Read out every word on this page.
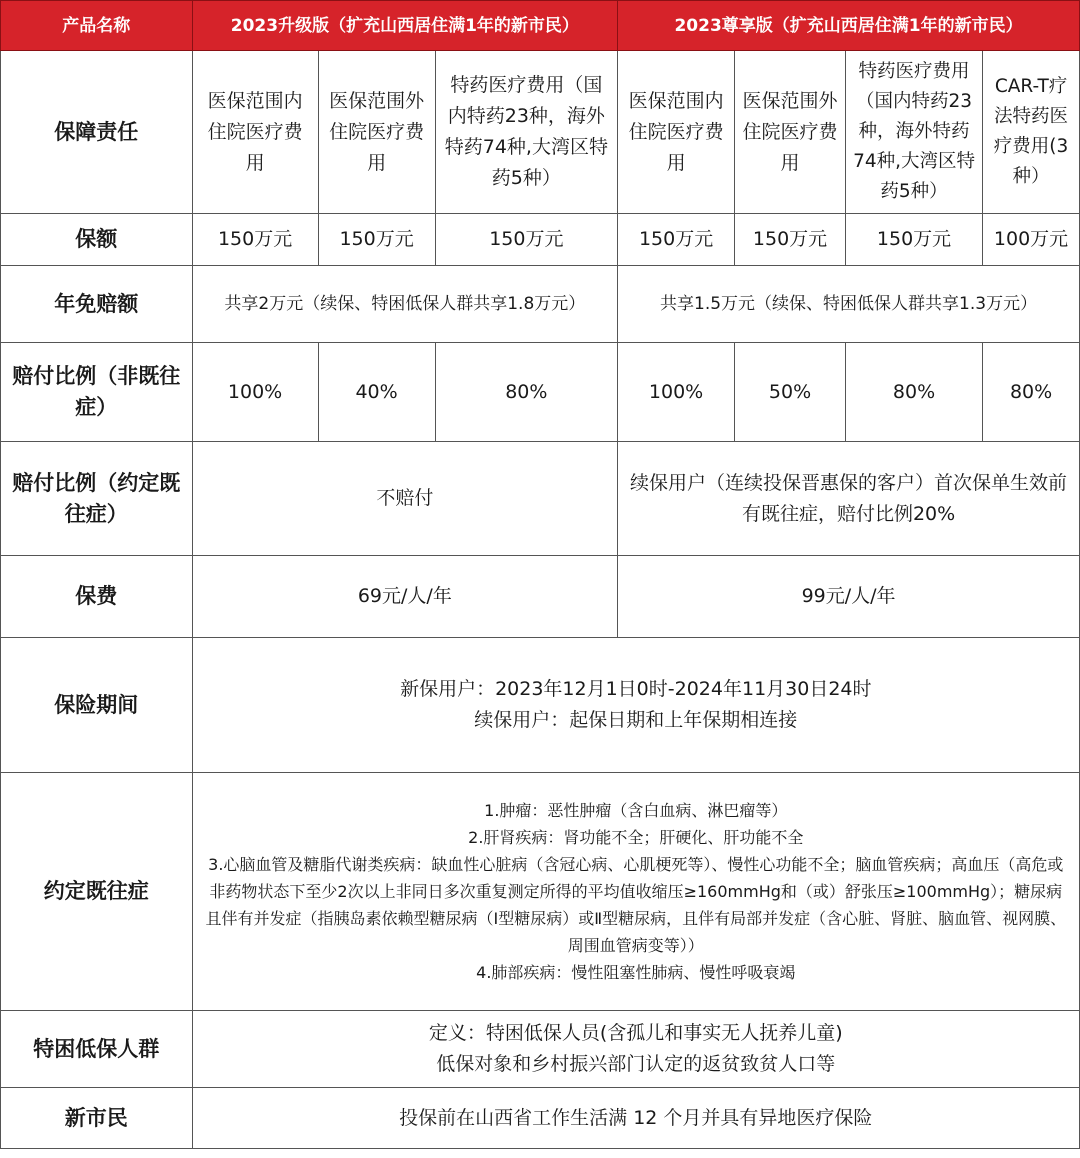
产品名称	2023升级版（扩充山西居住满1年的新市民）			2023尊享版（扩充山西居住满1年的新市民）			
保障责任	医保范围内住院医疗费用	医保范围外住院医疗费用	特药医疗费用（国内特药23种，海外特药74种,大湾区特药5种）	医保范围内住院医疗费用	医保范围外住院医疗费用	特药医疗费用（国内特药23种，海外特药74种,大湾区特药5种）	CAR-T疗法特药医疗费用(3种）
保额	150万元	150万元	150万元	150万元	150万元	150万元	100万元
年免赔额	共享2万元（续保、特困低保人群共享1.8万元）			共享1.5万元（续保、特困低保人群共享1.3万元）			
赔付比例（非既往症）	100%	40%	80%	100%	50%	80%	80%
赔付比例（约定既往症）	不赔付			续保用户（连续投保晋惠保的客户）首次保单生效前有既往症，赔付比例20%			
保费	69元/人/年			99元/人/年			
保险期间	新保用户：2023年12月1日0时-2024年11月30日24时
续保用户：起保日期和上年保期相连接						

约定既往症	1.肿瘤：恶性肿瘤（含白血病、淋巴瘤等）
2.肝肾疾病：肾功能不全；肝硬化、肝功能不全
3.心脑血管及糖脂代谢类疾病：缺血性心脏病（含冠心病、心肌梗死等）、慢性心功能不全；脑血管疾病；高血压（高危或非药物状态下至少2次以上非同日多次重复测定所得的平均值收缩压≥160mmHg和（或）舒张压≥100mmHg）；糖尿病且伴有并发症（指胰岛素依赖型糖尿病（Ⅰ型糖尿病）或Ⅱ型糖尿病，且伴有局部并发症（含心脏、肾脏、脑血管、视网膜、周围血管病变等））
4.肺部疾病：慢性阻塞性肺病、慢性呼吸衰竭						

特困低保人群	定义：特困低保人员(含孤儿和事实无人抚养儿童)低保对象和乡村振兴部门认定的返贫致贫人口等						
新市民	投保前在山西省工作生活满 12 个月并具有异地医疗保险						
